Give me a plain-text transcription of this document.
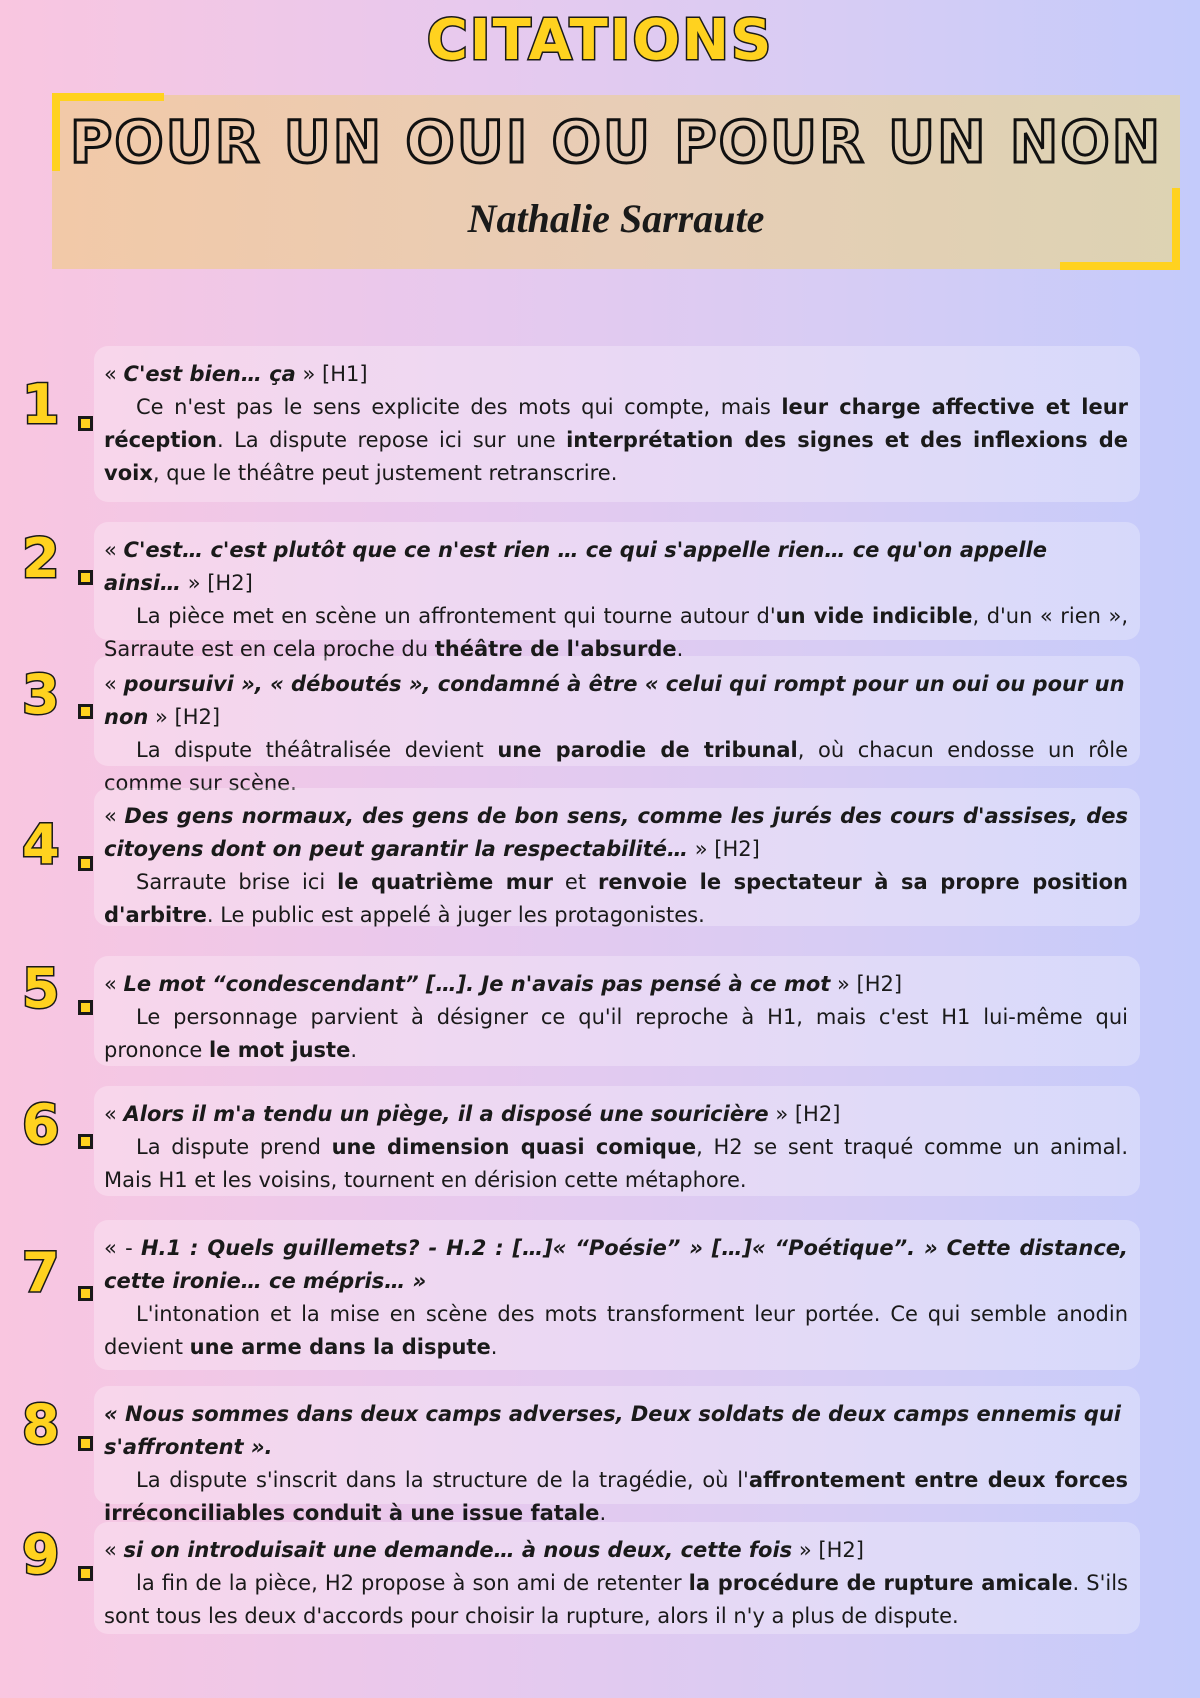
CITATIONS
POUR UN OUI OU POUR UN NON
Nathalie Sarraute
1 « C'est bien… ça » [H1]
Ce n'est pas le sens explicite des mots qui compte, mais leur charge affective et leur réception. La dispute repose ici sur une interprétation des signes et des inflexions de voix, que le théâtre peut justement retranscrire.
2 « C'est… c'est plutôt que ce n'est rien … ce qui s'appelle rien… ce qu'on appelle ainsi… » [H2]
La pièce met en scène un affrontement qui tourne autour d'un vide indicible, d'un « rien », Sarraute est en cela proche du théâtre de l'absurde.
3 « poursuivi », « déboutés », condamné à être « celui qui rompt pour un oui ou pour un non » [H2]
La dispute théâtralisée devient une parodie de tribunal, où chacun endosse un rôle comme sur scène.
4 « Des gens normaux, des gens de bon sens, comme les jurés des cours d'assises, des citoyens dont on peut garantir la respectabilité… » [H2]
Sarraute brise ici le quatrième mur et renvoie le spectateur à sa propre position d'arbitre. Le public est appelé à juger les protagonistes.
5 « Le mot “condescendant” […]. Je n'avais pas pensé à ce mot » [H2]
Le personnage parvient à désigner ce qu'il reproche à H1, mais c'est H1 lui-même qui prononce le mot juste.
6 « Alors il m'a tendu un piège, il a disposé une souricière » [H2]
La dispute prend une dimension quasi comique, H2 se sent traqué comme un animal. Mais H1 et les voisins, tournent en dérision cette métaphore.
7 « - H.1 : Quels guillemets? - H.2 : […]« “Poésie” » […]« “Poétique”. » Cette distance, cette ironie… ce mépris… »
L'intonation et la mise en scène des mots transforment leur portée. Ce qui semble anodin devient une arme dans la dispute.
8 « Nous sommes dans deux camps adverses, Deux soldats de deux camps ennemis qui s'affrontent ».
La dispute s'inscrit dans la structure de la tragédie, où l'affrontement entre deux forces irréconciliables conduit à une issue fatale.
9 « si on introduisait une demande… à nous deux, cette fois » [H2]
la fin de la pièce, H2 propose à son ami de retenter la procédure de rupture amicale. S'ils sont tous les deux d'accords pour choisir la rupture, alors il n'y a plus de dispute.
